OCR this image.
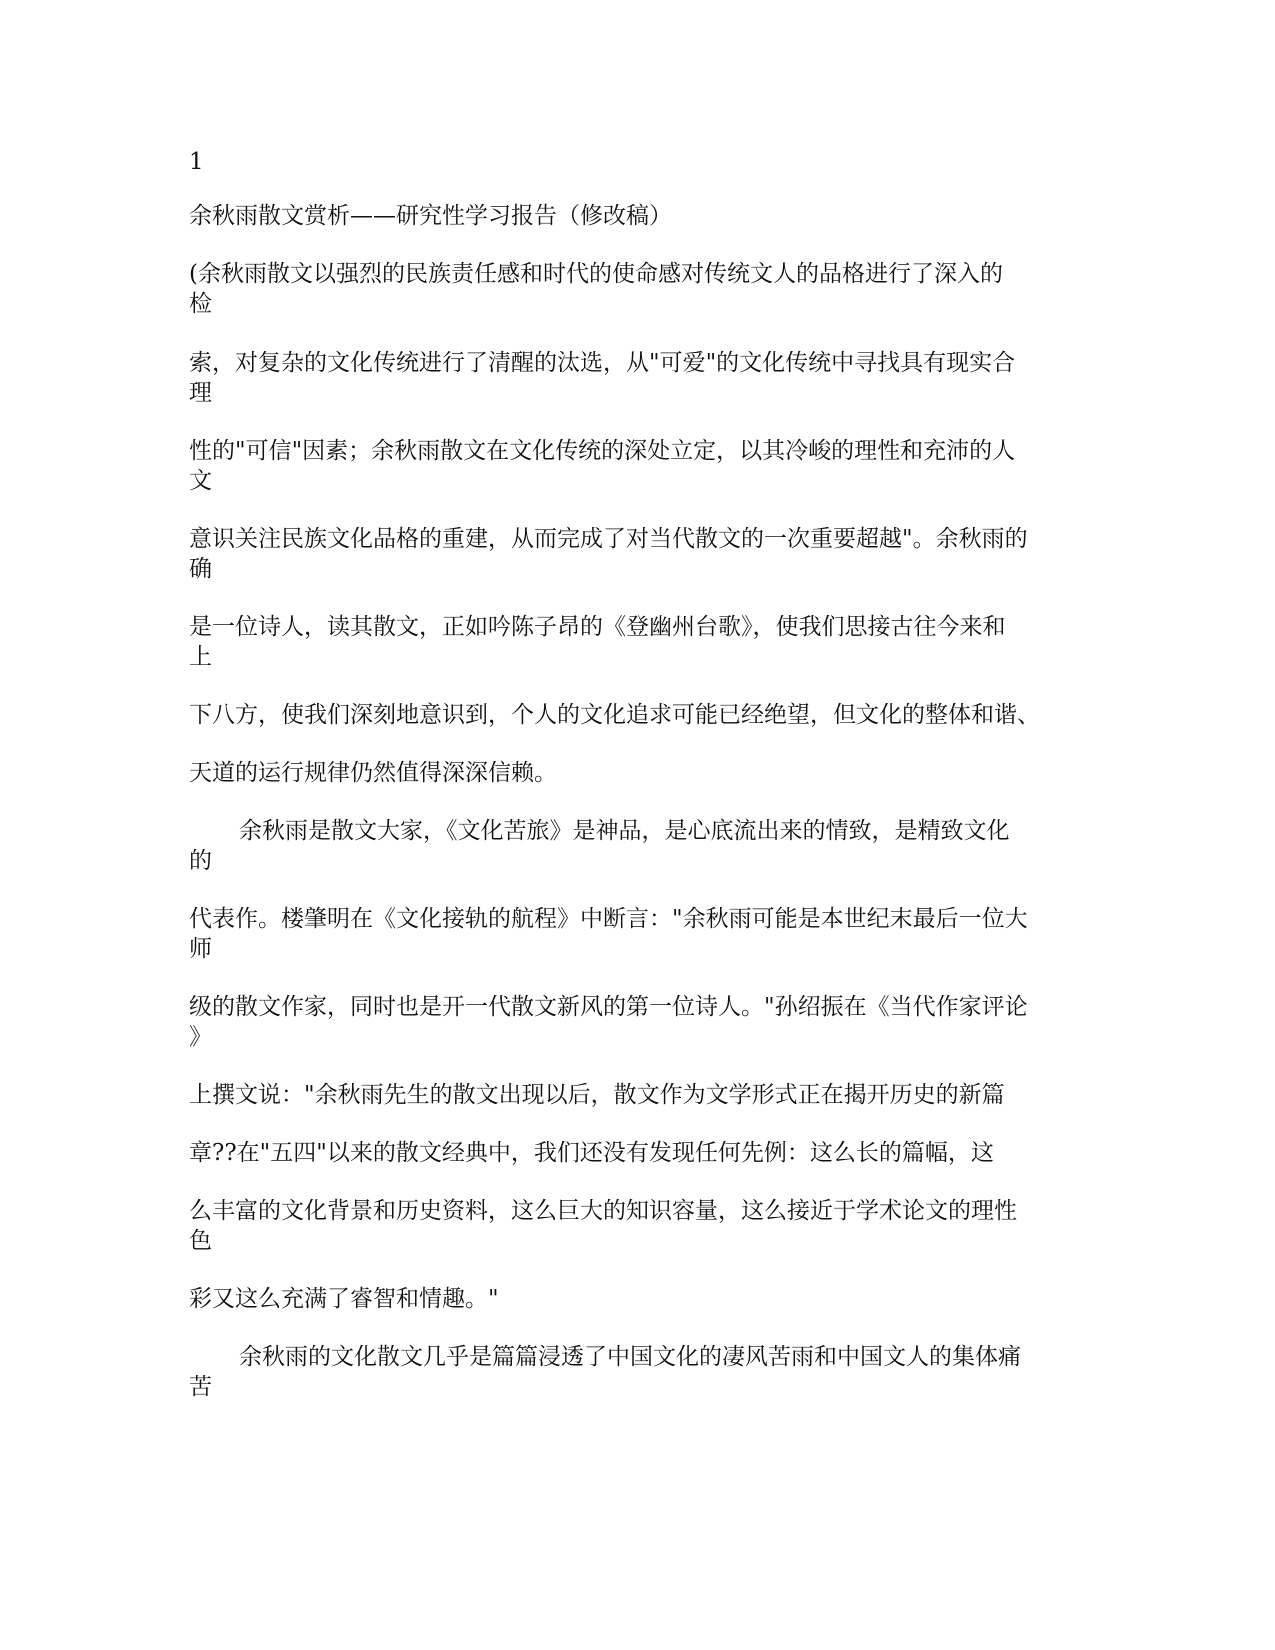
1
余秋雨散文赏析——研究性学习报告（修改稿）
(余秋雨散文以强烈的民族责任感和时代的使命感对传统文人的品格进行了深入的
检
索，对复杂的文化传统进行了清醒的汰选，从"可爱"的文化传统中寻找具有现实合
理
性的"可信"因素；余秋雨散文在文化传统的深处立定，以其冷峻的理性和充沛的人
文
意识关注民族文化品格的重建，从而完成了对当代散文的一次重要超越"。余秋雨的
确
是一位诗人，读其散文，正如吟陈子昂的《登幽州台歌》，使我们思接古往今来和
上
下八方，使我们深刻地意识到，个人的文化追求可能已经绝望，但文化的整体和谐、
天道的运行规律仍然值得深深信赖。
余秋雨是散文大家，《文化苦旅》是神品，是心底流出来的情致，是精致文化
的
代表作。楼肇明在《文化接轨的航程》中断言："余秋雨可能是本世纪末最后一位大
师
级的散文作家，同时也是开一代散文新风的第一位诗人。"孙绍振在《当代作家评论
》
上撰文说："余秋雨先生的散文出现以后，散文作为文学形式正在揭开历史的新篇
章??在"五四"以来的散文经典中，我们还没有发现任何先例：这么长的篇幅，这
么丰富的文化背景和历史资料，这么巨大的知识容量，这么接近于学术论文的理性
色
彩又这么充满了睿智和情趣。"
余秋雨的文化散文几乎是篇篇浸透了中国文化的凄风苦雨和中国文人的集体痛
苦
